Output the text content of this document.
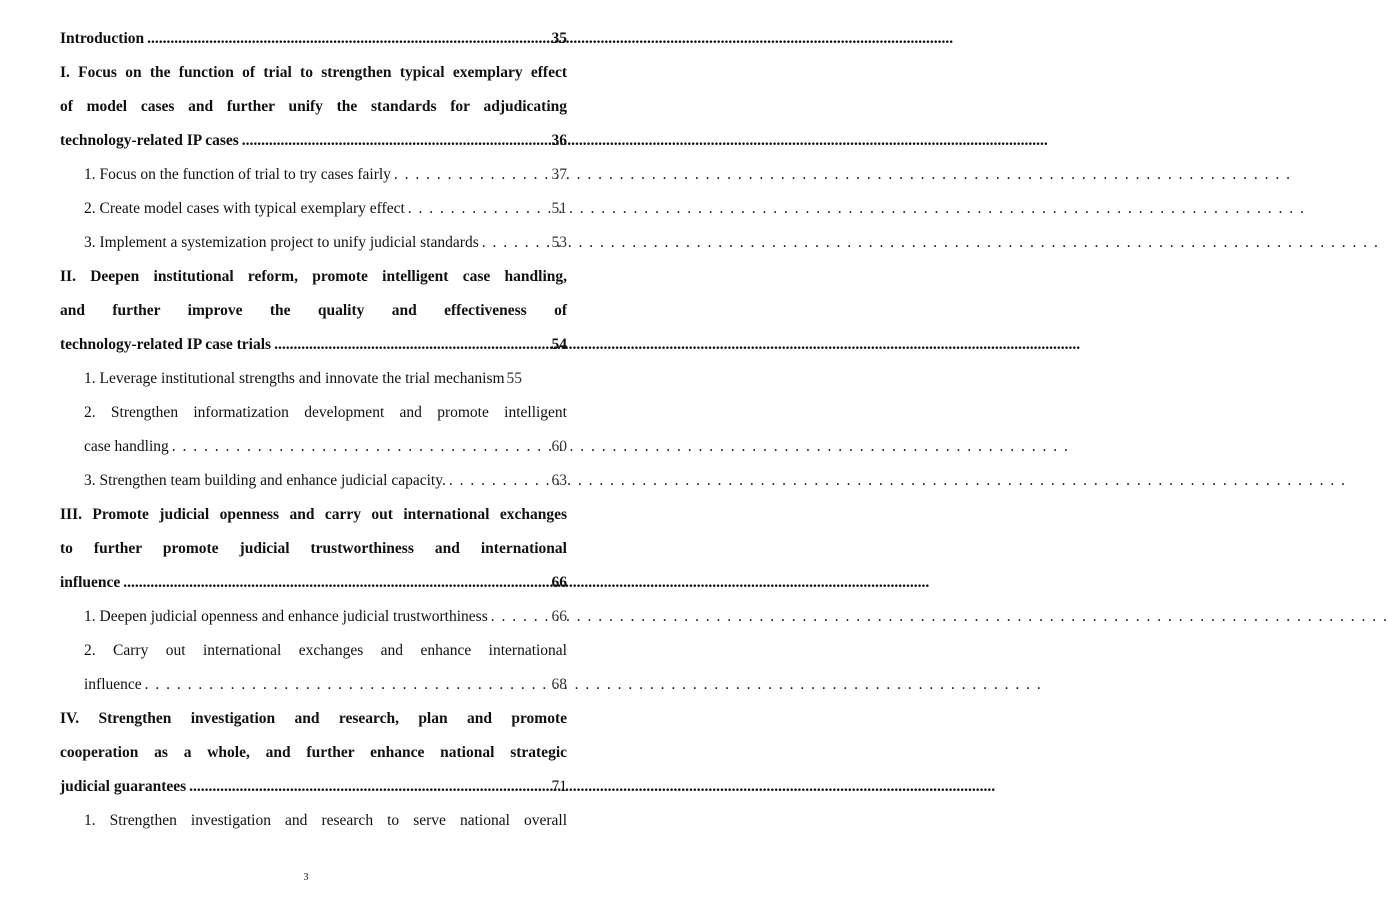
Introduction .....	35
I. Focus on the function of trial to strengthen typical exemplary effect
of model cases and further unify the standards for adjudicating
technology-related IP cases .....	36
1. Focus on the function of trial to try cases fairly . . .	37
2. Create model cases with typical exemplary effect . . .	51
3. Implement a systemization project to unify judicial standards . . .	53
II. Deepen institutional reform, promote intelligent case handling,
and further improve the quality and effectiveness of
technology-related IP case trials .....	54
1. Leverage institutional strengths and innovate the trial mechanism 55
2. Strengthen informatization development and promote intelligent
case handling . . .	60
3. Strengthen team building and enhance judicial capacity. . . .	63
III. Promote judicial openness and carry out international exchanges
to further promote judicial trustworthiness and international
influence .....	66
1. Deepen judicial openness and enhance judicial trustworthiness . . .	66
2. Carry out international exchanges and enhance international
influence . . .	68
IV. Strengthen investigation and research, plan and promote
cooperation as a whole, and further enhance national strategic
judicial guarantees .....	71
1. Strengthen investigation and research to serve national overall
3
